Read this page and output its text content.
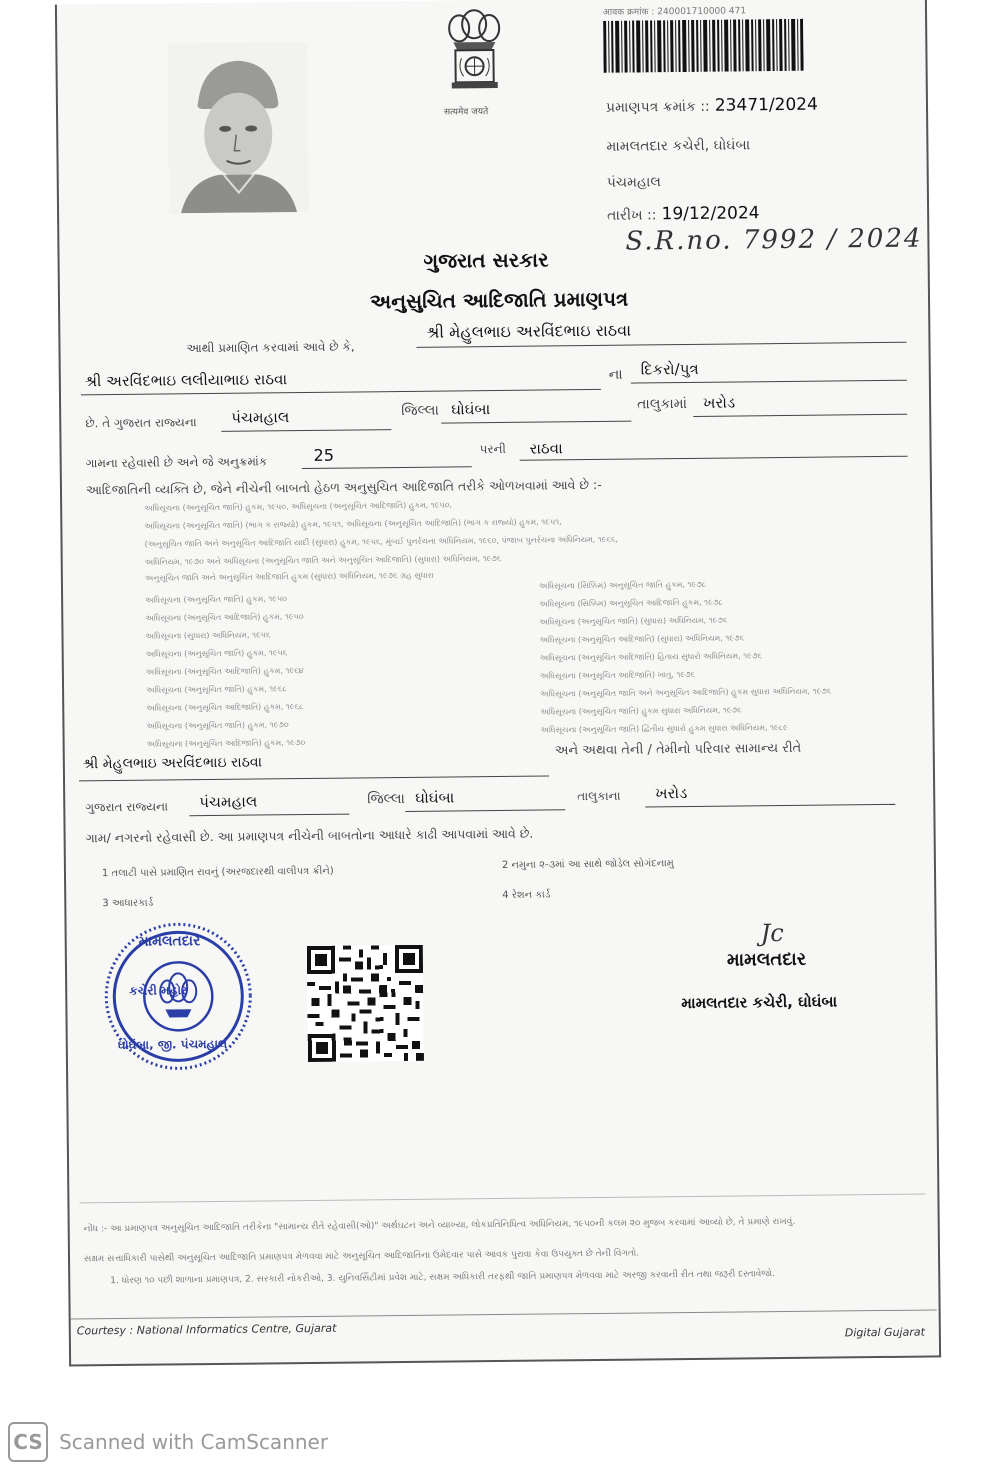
सत्यमेव जयते
आवक क्रमांक : 240001710000 471
પ્રમાણપત્ર ક્રમાંક :: 23471/2024
મામલતદાર કચેરી, ઘોઘંબા
પંચમહાલ
તારીખ :: 19/12/2024
S.R.no. 7992 / 2024
ગુજરાત સરકાર
અનુસુચિત આદિજાતિ પ્રમાણપત્ર
આથી પ્રમાણિત કરવામાં આવે છે કે,
શ્રી મેહુલભાઇ અરવિંદભાઇ રાઠવા
શ્રી અરવિંદભાઇ લલીયાભાઇ રાઠવા	ના દિકરો/પુત્ર
છે. તે ગુજરાત રાજ્યના પંચમહાલ	જિલ્લા ઘોઘંબા	તાલુકામાં ખરોડ
ગામના રહેવાસી છે અને જે અનુક્રમાંક	25	પરની રાઠવા
આદિજાતિની વ્યક્તિ છે, જેને નીચેની બાબતો હેઠળ અનુસુચિત આદિજાતિ તરીકે ઓળખવામાં આવે છે :-
અધિસૂચના (અનુસૂચિત જાતિ) હુકમ, ૧૯૫૦, અધિસૂચના (અનુસૂચિત આદિજાતિ) હુકમ, ૧૯૫૦,
અધિસૂચના (અનુસૂચિત જાતિ) (ભાગ ક રાજ્યો) હુકમ, ૧૯૫૧, અધિસૂચના (અનુસૂચિત આદિજાતિ) (ભાગ ક રાજ્યો) હુકમ, ૧૯૫૧,
(અનુસૂચિત જાતિ અને અનુસૂચિત આદિજાતિ યાદી (સુધારા) હુકમ, ૧૯૫૬, મુંબઈ પુનર્રચના અધિનિયમ, ૧૯૬૦, પંજાબ પુનર્રચના અધિનિયમ, ૧૯૬૬,
અધિનિયમ, ૧૯૭૦ અને અધિસૂચના (અનુસૂચિત જાતિ અને અનુસૂચિત આદિજાતિ) (સુધારા) અધિનિયમ, ૧૯૭૬
અનુસૂચિત જાતિ અને અનુસૂચિત આદિજાતિ હુકમ (સુધારા) અધિનિયમ, ૧૯૭૬ ગ્રહ સુધારા
અધિસૂચના (અનુસૂચિત જાતિ) હુકમ, ૧૯૫૦
અધિસૂચના (અનુસૂચિત આદિજાતિ) હુકમ, ૧૯૫૦
અધિસૂચના (સુધારા) અધિનિયમ, ૧૯૫૬
અધિસૂચના (અનુસૂચિત જાતિ) હુકમ, ૧૯૫૬
અધિસૂચના (અનુસૂચિત આદિજાતિ) હુકમ, ૧૯૬૪
અધિસૂચના (અનુસૂચિત જાતિ) હુકમ, ૧૯૬૮
અધિસૂચના (અનુસૂચિત આદિજાતિ) હુકમ, ૧૯૬૮
અધિસૂચના (અનુસૂચિત જાતિ) હુકમ, ૧૯૭૦
અધિસૂચના (અનુસૂચિત આદિજાતિ) હુકમ, ૧૯૭૦
અધિસૂચના (સિક્કિમ) અનુસૂચિત જાતિ હુકમ, ૧૯૭૮
અધિસૂચના (સિક્કિમ) અનુસૂચિત આદિજાતિ હુકમ, ૧૯૭૮
અધિસૂચના (અનુસૂચિત જાતિ) (સુધારા) અધિનિયમ, ૧૯૭૬
અધિસૂચના (અનુસૂચિત આદિજાતિ) (સુધારા) અધિનિયમ, ૧૯૭૬
અધિસૂચના (અનુસૂચિત આદિજાતિ) હિતાય સુધારો અધિનિયમ, ૧૯૭૬
અધિસૂચના (અનુસૂચિત આદિજાતિ) ખાતુ, ૧૯૭૬
અધિસૂચના (અનુસૂચિત જાતિ અને અનુસૂચિત આદિજાતિ) હુકમ સુધારા અધિનિયમ, ૧૯૭૬
અધિસૂચના (અનુસૂચિત જાતિ) હુકમ સુધારા અધિનિયમ, ૧૯૭૬
અધિસૂચના (અનુસૂચિત જાતિ) દ્વિતીય સુધારો હુકમ સુધારા અધિનિયમ, ૧૯૮૯
શ્રી મેહુલભાઇ અરવિંદભાઇ રાઠવા
અને અથવા તેની / તેમીનો પરિવાર સામાન્ય રીતે
ગુજરાત રાજ્યના પંચમહાલ	જિલ્લા ઘોઘંબા	તાલુકાના ખરોડ
ગામ/ નગરનો રહેવાસી છે. આ પ્રમાણપત્ર નીચેની બાબતોના આધારે કાઢી આપવામાં આવે છે.
1 તલાટી પાસે પ્રમાણિત રાવનું (અરજદારથી વાલીપત્ર ક્રીને)
2 નમુના ૨-૩માં આ સાથે જોડેલ સોગંદનામુ
3 આધારકાર્ડ
4 રેશન કાર્ડ
મામલતદાર
કચેરી મહોર
ઘોઘંબા, જી. પંચમહાલ
Jc
મામલતદાર
મામલતદાર કચેરી, ઘોઘંબા
નોંધ :- આ પ્રમાણપત્ર અનુસૂચિત આદિજાતિ તરીકેના "સામાન્ય રીતે રહેવાસી(ઓ)" અર્થઘટન અને વ્યાખ્યા, લોકપ્રતિનિધિત્વ અધિનિયમ, ૧૯૫૦ની કલમ ૨૦ મુજબ કરવામાં આવ્યો છે, તે પ્રમાણે રાખવું.
સક્ષમ સત્તાધિકારી પાસેથી અનુસૂચિત આદિજાતિ પ્રમાણપત્ર મેળવવા માટે અનુસૂચિત આદિજાતિના ઉમેદવાર પાસે આવક પુરાવા કેવા ઉપયુક્ત છે તેની વિગતો.
1. ધોરણ ૧૦ પછી શાળાના પ્રમાણપત્ર, 2. સરકારી નોકરીઓ, 3. યુનિવર્સિટીમાં પ્રવેશ માટે, સક્ષમ અધિકારી તરફથી જાતિ પ્રમાણપત્ર મેળવવા માટે અરજી કરવાની રીત તથા જરૂરી દસ્તાવેજો.
Courtesy : National Informatics Centre, Gujarat	Digital Gujarat
CS Scanned with CamScanner
